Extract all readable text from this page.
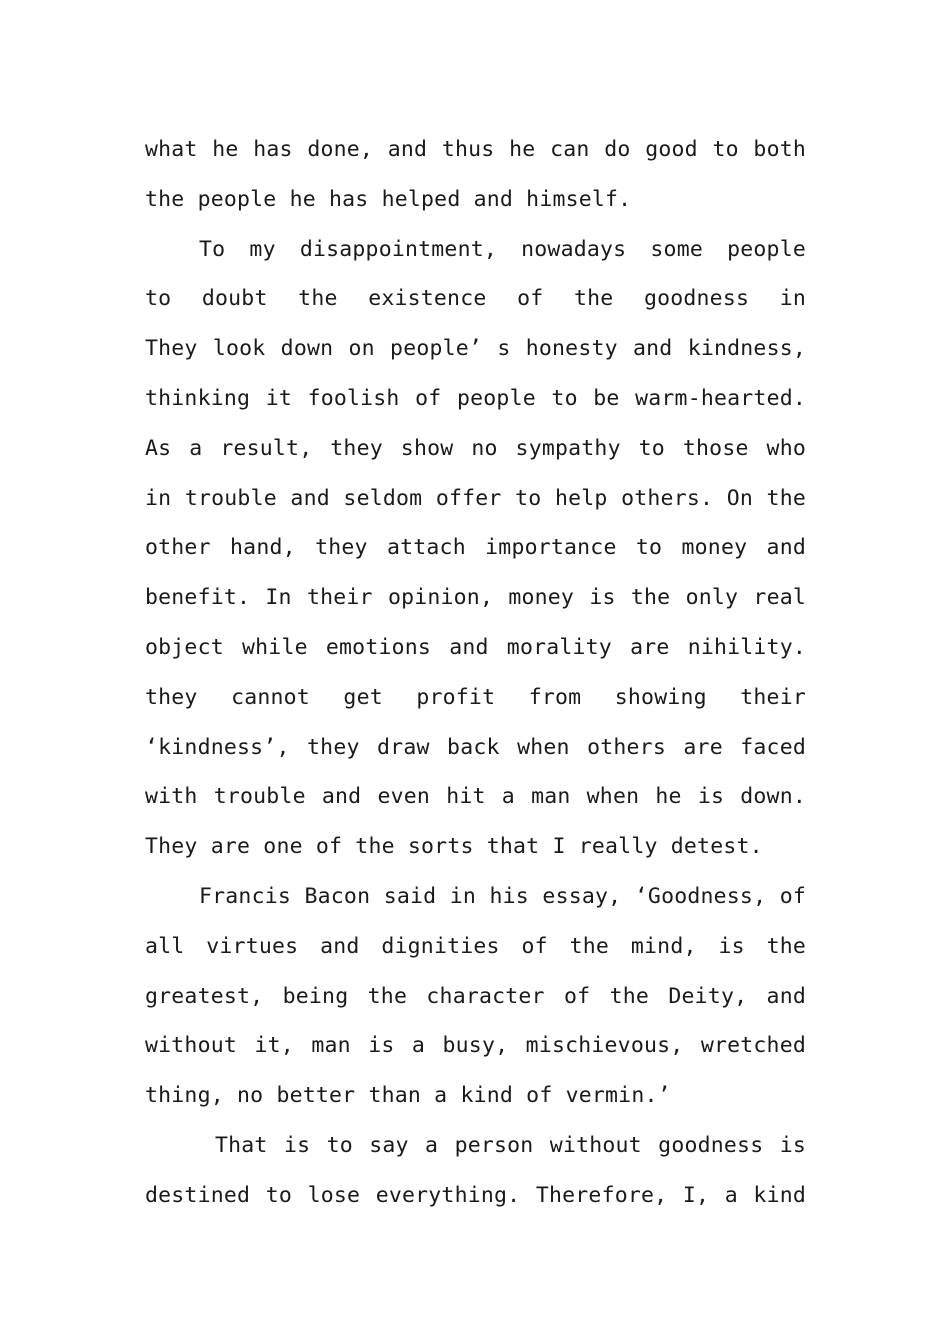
what he has done, and thus he can do good to both
the people he has helped and himself.
To my disappointment, nowadays some people
to doubt the existence of the goodness in
They look down on people’ s honesty and kindness,
thinking it foolish of people to be warm-hearted.
As a result, they show no sympathy to those who
in trouble and seldom offer to help others. On the
other hand, they attach importance to money and
benefit. In their opinion, money is the only real
object while emotions and morality are nihility.
they cannot get profit from showing their
‘kindness’, they draw back when others are faced
with trouble and even hit a man when he is down.
They are one of the sorts that I really detest.
Francis Bacon said in his essay, ‘Goodness, of
all virtues and dignities of the mind, is the
greatest, being the character of the Deity, and
without it, man is a busy, mischievous, wretched
thing, no better than a kind of vermin.’
That is to say a person without goodness is
destined to lose everything. Therefore, I, a kind
